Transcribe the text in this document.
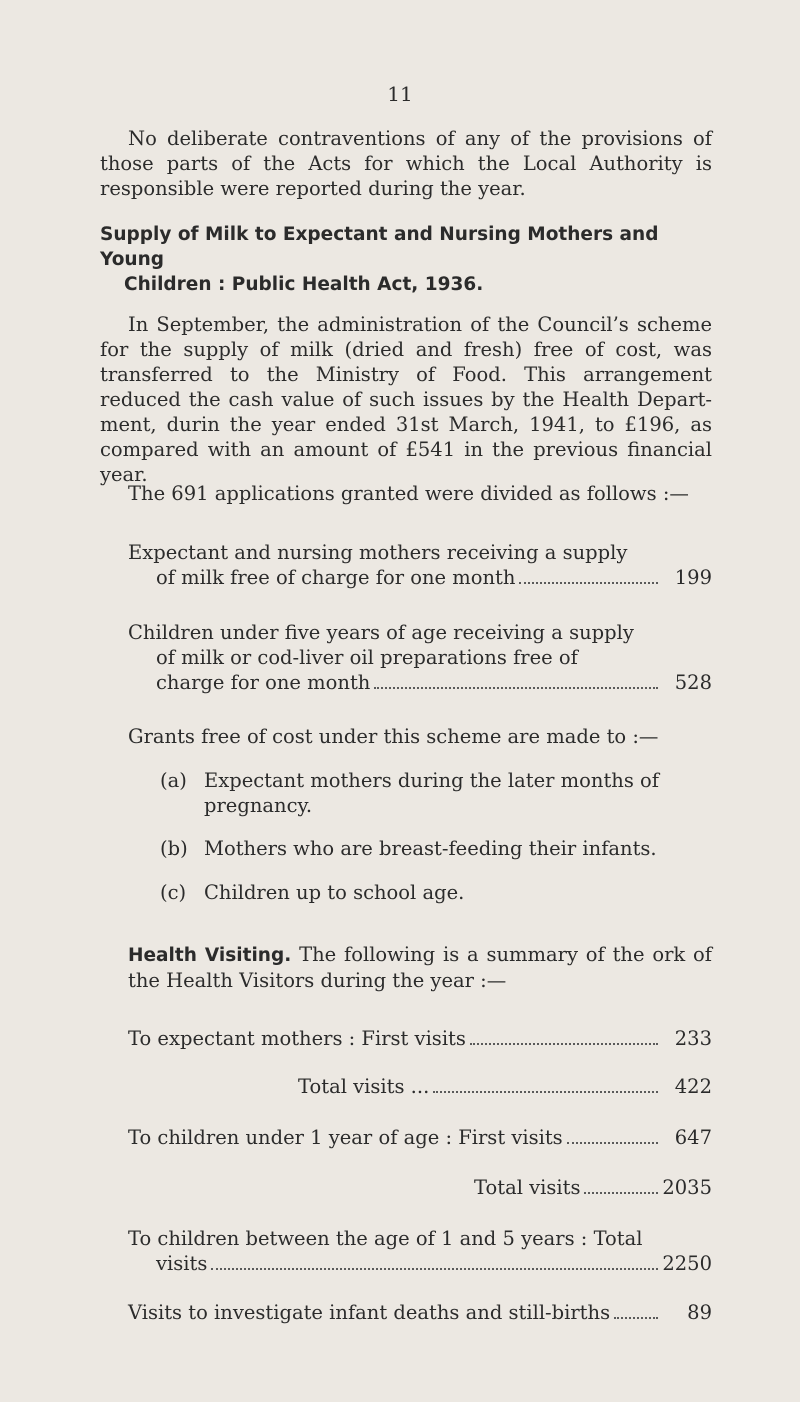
11
No deliberate contraventions of any of the provisions of those parts of the Acts for which the Local Authority is responsible were reported during the year.
Supply of Milk to Expectant and Nursing Mothers and Young
Children : Public Health Act, 1936.
In September, the administration of the Council’s scheme for the supply of milk (dried and fresh) free of cost, was transferred to the Ministry of Food. This arrangement reduced the cash value of such issues by the Health Depart-ment, durin the year ended 31st March, 1941, to £196, as compared with an amount of £541 in the previous financial year.
The 691 applications granted were divided as follows :—
Expectant and nursing mothers receiving a supply
of milk free of charge for one month	199
Children under five years of age receiving a supply
of milk or cod-liver oil preparations free of
charge for one month	528
Grants free of cost under this scheme are made to :—
(a) Expectant mothers during the later months of pregnancy.
(b) Mothers who are breast-feeding their infants.
(c) Children up to school age.
Health Visiting. The following is a summary of the ork of the Health Visitors during the year :—
To expectant mothers : First visits	233
Total visits ...	422
To children under 1 year of age : First visits	647
Total visits	2035
To children between the age of 1 and 5 years : Total
visits	2250
Visits to investigate infant deaths and still-births	89
